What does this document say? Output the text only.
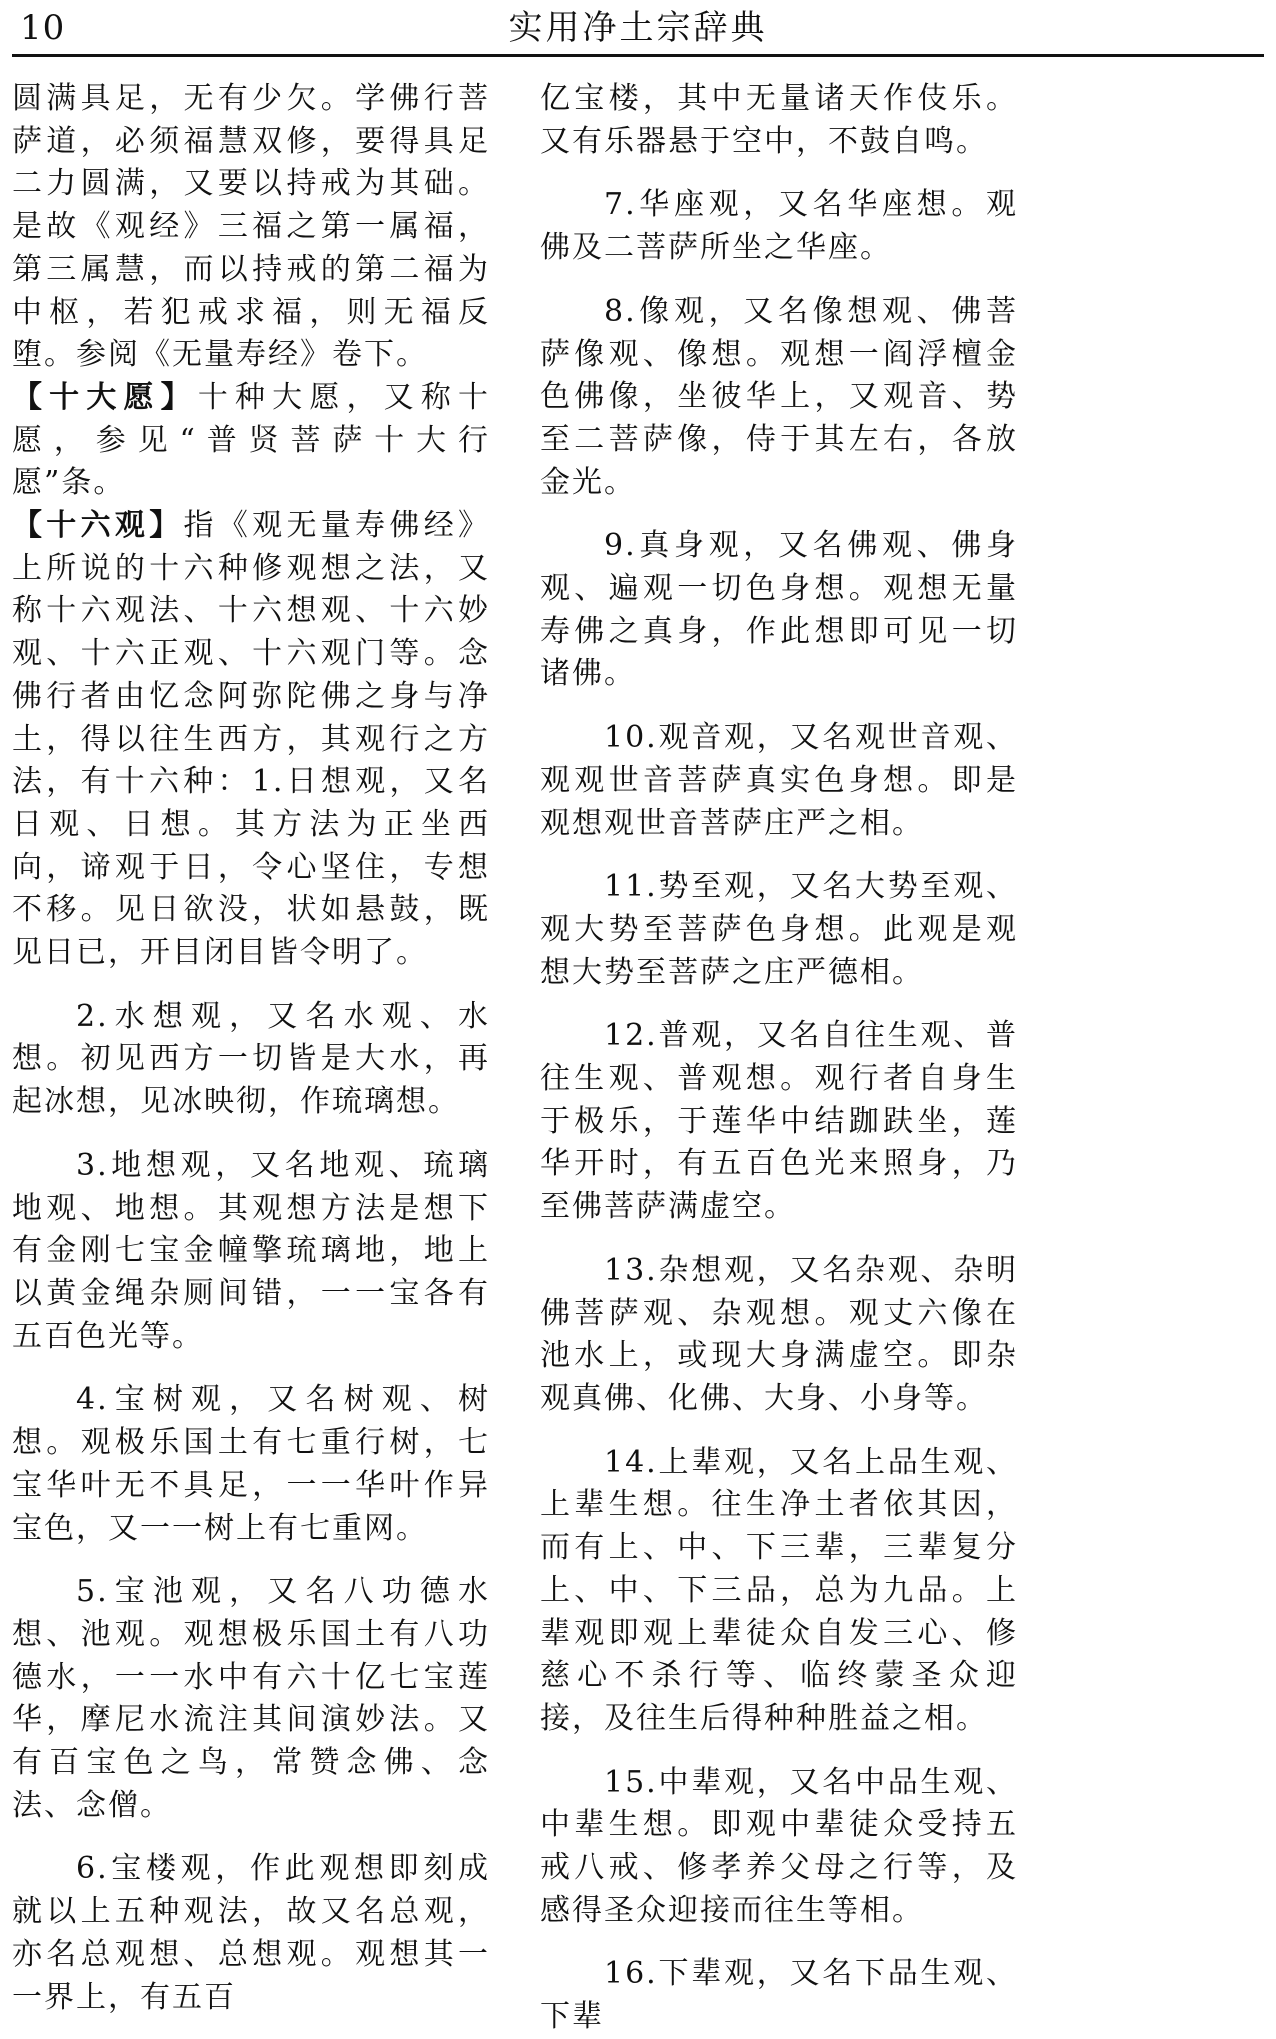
10	实用净土宗辞典

圆满具足，无有少欠。学佛行菩萨道，必须福慧双修，要得具足二力圆满，又要以持戒为其础。是故《观经》三福之第一属福，第三属慧，而以持戒的第二福为中枢，若犯戒求福，则无福反堕。参阅《无量寿经》卷下。

【十大愿】十种大愿，又称十愿，参见“普贤菩萨十大行愿”条。

【十六观】指《观无量寿佛经》上所说的十六种修观想之法，又称十六观法、十六想观、十六妙观、十六正观、十六观门等。念佛行者由忆念阿弥陀佛之身与净土，得以往生西方，其观行之方法，有十六种：1.日想观，又名日观、日想。其方法为正坐西向，谛观于日，令心坚住，专想不移。见日欲没，状如悬鼓，既见日已，开目闭目皆令明了。

2.水想观，又名水观、水想。初见西方一切皆是大水，再起冰想，见冰映彻，作琉璃想。

3.地想观，又名地观、琉璃地观、地想。其观想方法是想下有金刚七宝金幢擎琉璃地，地上以黄金绳杂厕间错，一一宝各有五百色光等。

4.宝树观，又名树观、树想。观极乐国土有七重行树，七宝华叶无不具足，一一华叶作异宝色，又一一树上有七重网。

5.宝池观，又名八功德水想、池观。观想极乐国土有八功德水，一一水中有六十亿七宝莲华，摩尼水流注其间演妙法。又有百宝色之鸟，常赞念佛、念法、念僧。

6.宝楼观，作此观想即刻成就以上五种观法，故又名总观，亦名总观想、总想观。观想其一一界上，有五百

亿宝楼，其中无量诸天作伎乐。又有乐器悬于空中，不鼓自鸣。

7.华座观，又名华座想。观佛及二菩萨所坐之华座。

8.像观，又名像想观、佛菩萨像观、像想。观想一阎浮檀金色佛像，坐彼华上，又观音、势至二菩萨像，侍于其左右，各放金光。

9.真身观，又名佛观、佛身观、遍观一切色身想。观想无量寿佛之真身，作此想即可见一切诸佛。

10.观音观，又名观世音观、观观世音菩萨真实色身想。即是观想观世音菩萨庄严之相。

11.势至观，又名大势至观、观大势至菩萨色身想。此观是观想大势至菩萨之庄严德相。

12.普观，又名自往生观、普往生观、普观想。观行者自身生于极乐，于莲华中结跏趺坐，莲华开时，有五百色光来照身，乃至佛菩萨满虚空。

13.杂想观，又名杂观、杂明佛菩萨观、杂观想。观丈六像在池水上，或现大身满虚空。即杂观真佛、化佛、大身、小身等。

14.上辈观，又名上品生观、上辈生想。往生净土者依其因，而有上、中、下三辈，三辈复分上、中、下三品，总为九品。上辈观即观上辈徒众自发三心、修慈心不杀行等、临终蒙圣众迎接，及往生后得种种胜益之相。

15.中辈观，又名中品生观、中辈生想。即观中辈徒众受持五戒八戒、修孝养父母之行等，及感得圣众迎接而往生等相。

16.下辈观，又名下品生观、下辈
